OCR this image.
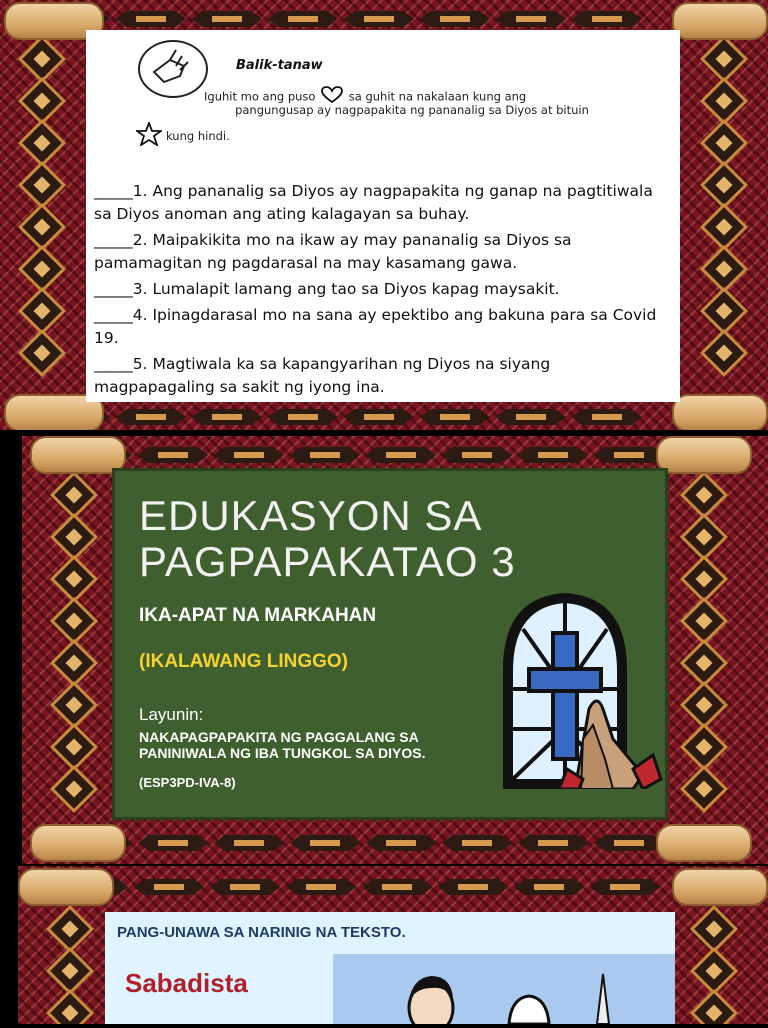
Balik-tanaw
Iguhit mo ang puso	sa guhit na nakalaan kung ang
pangungusap ay nagpapakita ng pananalig sa Diyos at bituin
kung hindi.

_____1. Ang pananalig sa Diyos ay nagpapakita ng ganap na pagtitiwala sa Diyos anoman ang ating kalagayan sa buhay.

_____2. Maipakikita mo na ikaw ay may pananalig sa Diyos sa pamamagitan ng pagdarasal na may kasamang gawa.

_____3. Lumalapit lamang ang tao sa Diyos kapag maysakit.

_____4. Ipinagdarasal mo na sana ay epektibo ang bakuna para sa Covid 19.

_____5. Magtiwala ka sa kapangyarihan ng Diyos na siyang magpapagaling sa sakit ng iyong ina.

EDUKASYON SA
PAGPAPAKATAO 3
IKA-APAT NA MARKAHAN
(IKALAWANG LINGGO)
Layunin:
NAKAPAGPAPAKITA NG PAGGALANG SA PANINIWALA NG IBA TUNGKOL SA DIYOS.
(ESP3PD-IVA-8)
PANG-UNAWA SA NARINIG NA TEKSTO.
Sabadista
